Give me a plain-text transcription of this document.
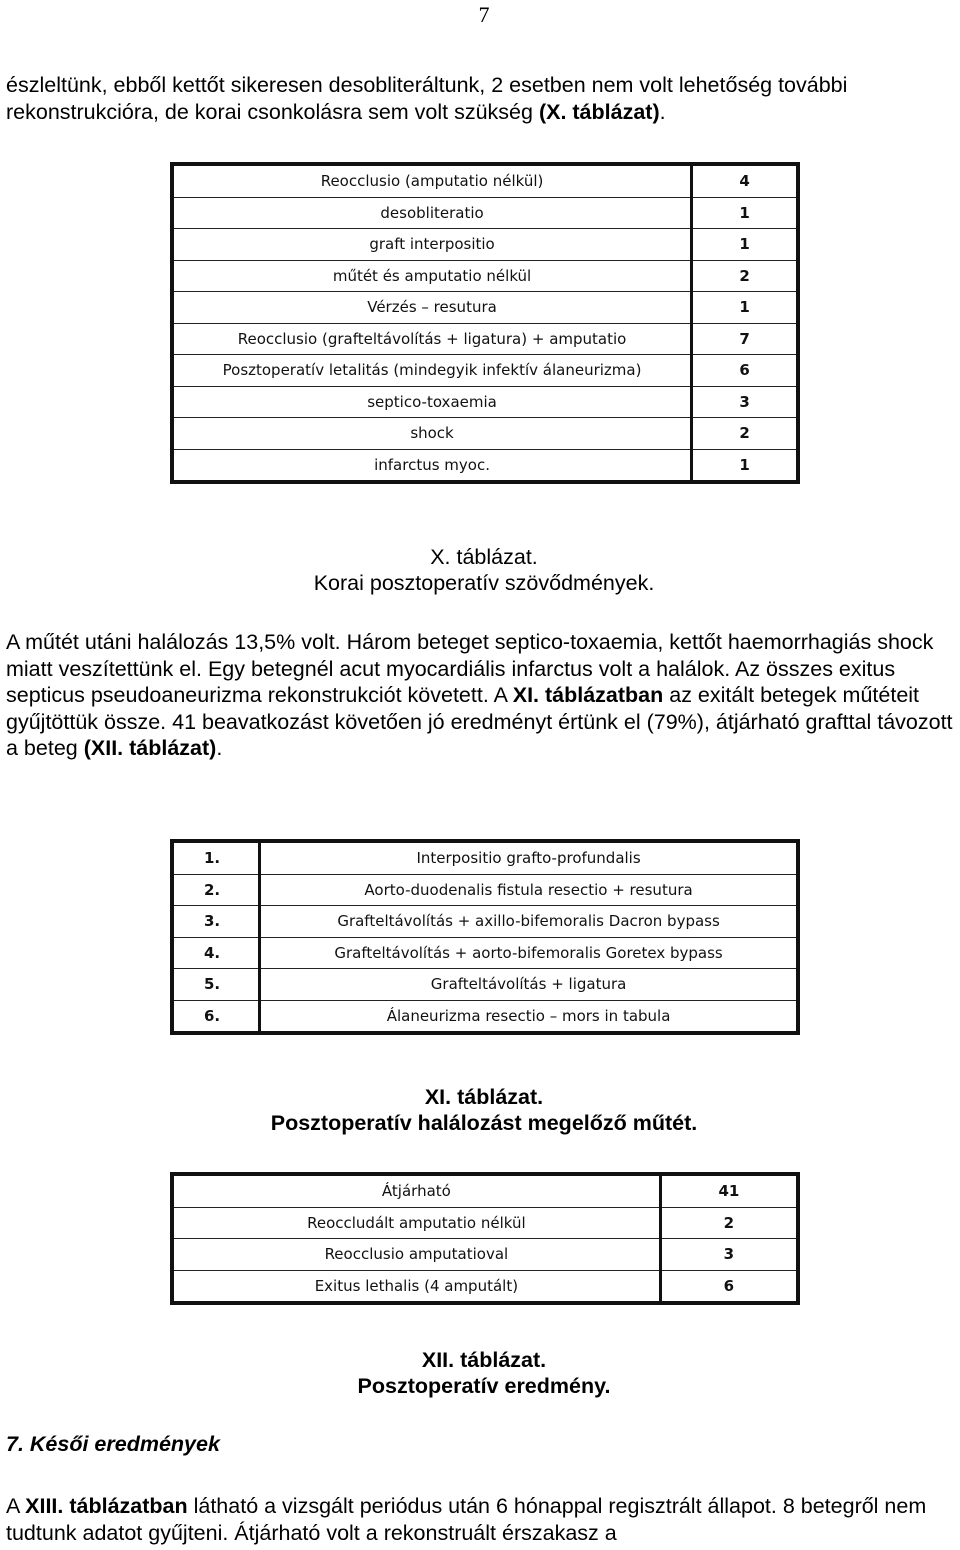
7

észleltünk, ebből kettőt sikeresen desobliteráltunk, 2 esetben nem volt lehetőség további rekonstrukcióra, de korai csonkolásra sem volt szükség (X. táblázat).

Reocclusio (amputatio nélkül)	4
desobliteratio	1
graft interpositio	1
műtét és amputatio nélkül	2
Vérzés – resutura	1
Reocclusio (grafteltávolítás + ligatura) + amputatio	7
Posztoperatív letalitás (mindegyik infektív álaneurizma)	6
septico-toxaemia	3
shock	2
infarctus myoc.	1
X. táblázat.
Korai posztoperatív szövődmények.

A műtét utáni halálozás 13,5% volt. Három beteget septico-toxaemia, kettőt haemorrhagiás shock miatt veszítettünk el. Egy betegnél acut myocardiális infarctus volt a halálok. Az összes exitus septicus pseudoaneurizma rekonstrukciót követett. A XI. táblázatban az exitált betegek műtéteit gyűjtöttük össze. 41 beavatkozást követően jó eredményt értünk el (79%), átjárható grafttal távozott a beteg (XII. táblázat).

1.	Interpositio grafto-profundalis
2.	Aorto-duodenalis fistula resectio + resutura
3.	Grafteltávolítás + axillo-bifemoralis Dacron bypass
4.	Grafteltávolítás + aorto-bifemoralis Goretex bypass
5.	Grafteltávolítás + ligatura
6.	Álaneurizma resectio – mors in tabula
XI. táblázat.
Posztoperatív halálozást megelőző műtét.
Átjárható	41
Reoccludált amputatio nélkül	2
Reocclusio amputatioval	3
Exitus lethalis (4 amputált)	6
XII. táblázat.
Posztoperatív eredmény.
7. Késői eredmények

A XIII. táblázatban látható a vizsgált periódus után 6 hónappal regisztrált állapot. 8 betegről nem tudtunk adatot gyűjteni. Átjárható volt a rekonstruált érszakasz a
